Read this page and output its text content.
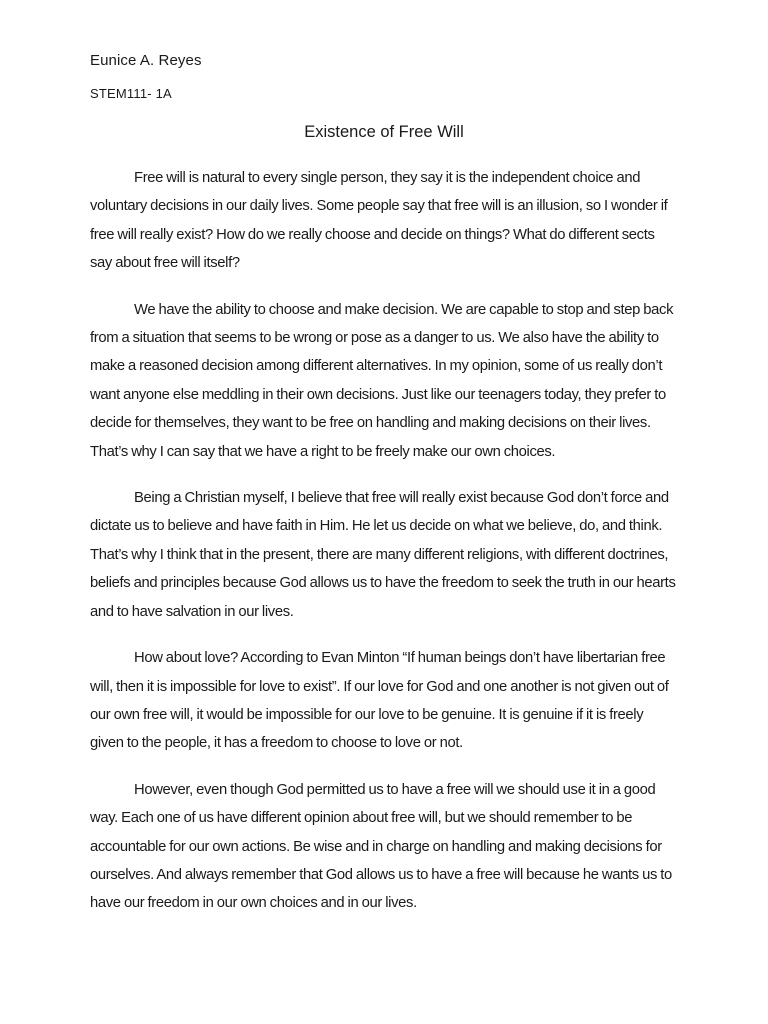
Eunice A. Reyes
STEM111- 1A
Existence of Free Will

Free will is natural to every single person, they say it is the independent choice and voluntary decisions in our daily lives. Some people say that free will is an illusion, so I wonder if free will really exist? How do we really choose and decide on things? What do different sects say about free will itself?

We have the ability to choose and make decision. We are capable to stop and step back from a situation that seems to be wrong or pose as a danger to us. We also have the ability to make a reasoned decision among different alternatives. In my opinion, some of us really don’t want anyone else meddling in their own decisions. Just like our teenagers today, they prefer to decide for themselves, they want to be free on handling and making decisions on their lives. That’s why I can say that we have a right to be freely make our own choices.

Being a Christian myself, I believe that free will really exist because God don’t force and dictate us to believe and have faith in Him. He let us decide on what we believe, do, and think. That’s why I think that in the present, there are many different religions, with different doctrines, beliefs and principles because God allows us to have the freedom to seek the truth in our hearts and to have salvation in our lives.

How about love? According to Evan Minton “If human beings don’t have libertarian free will, then it is impossible for love to exist”. If our love for God and one another is not given out of our own free will, it would be impossible for our love to be genuine. It is genuine if it is freely given to the people, it has a freedom to choose to love or not.

However, even though God permitted us to have a free will we should use it in a good way. Each one of us have different opinion about free will, but we should remember to be accountable for our own actions. Be wise and in charge on handling and making decisions for ourselves. And always remember that God allows us to have a free will because he wants us to have our freedom in our own choices and in our lives.
